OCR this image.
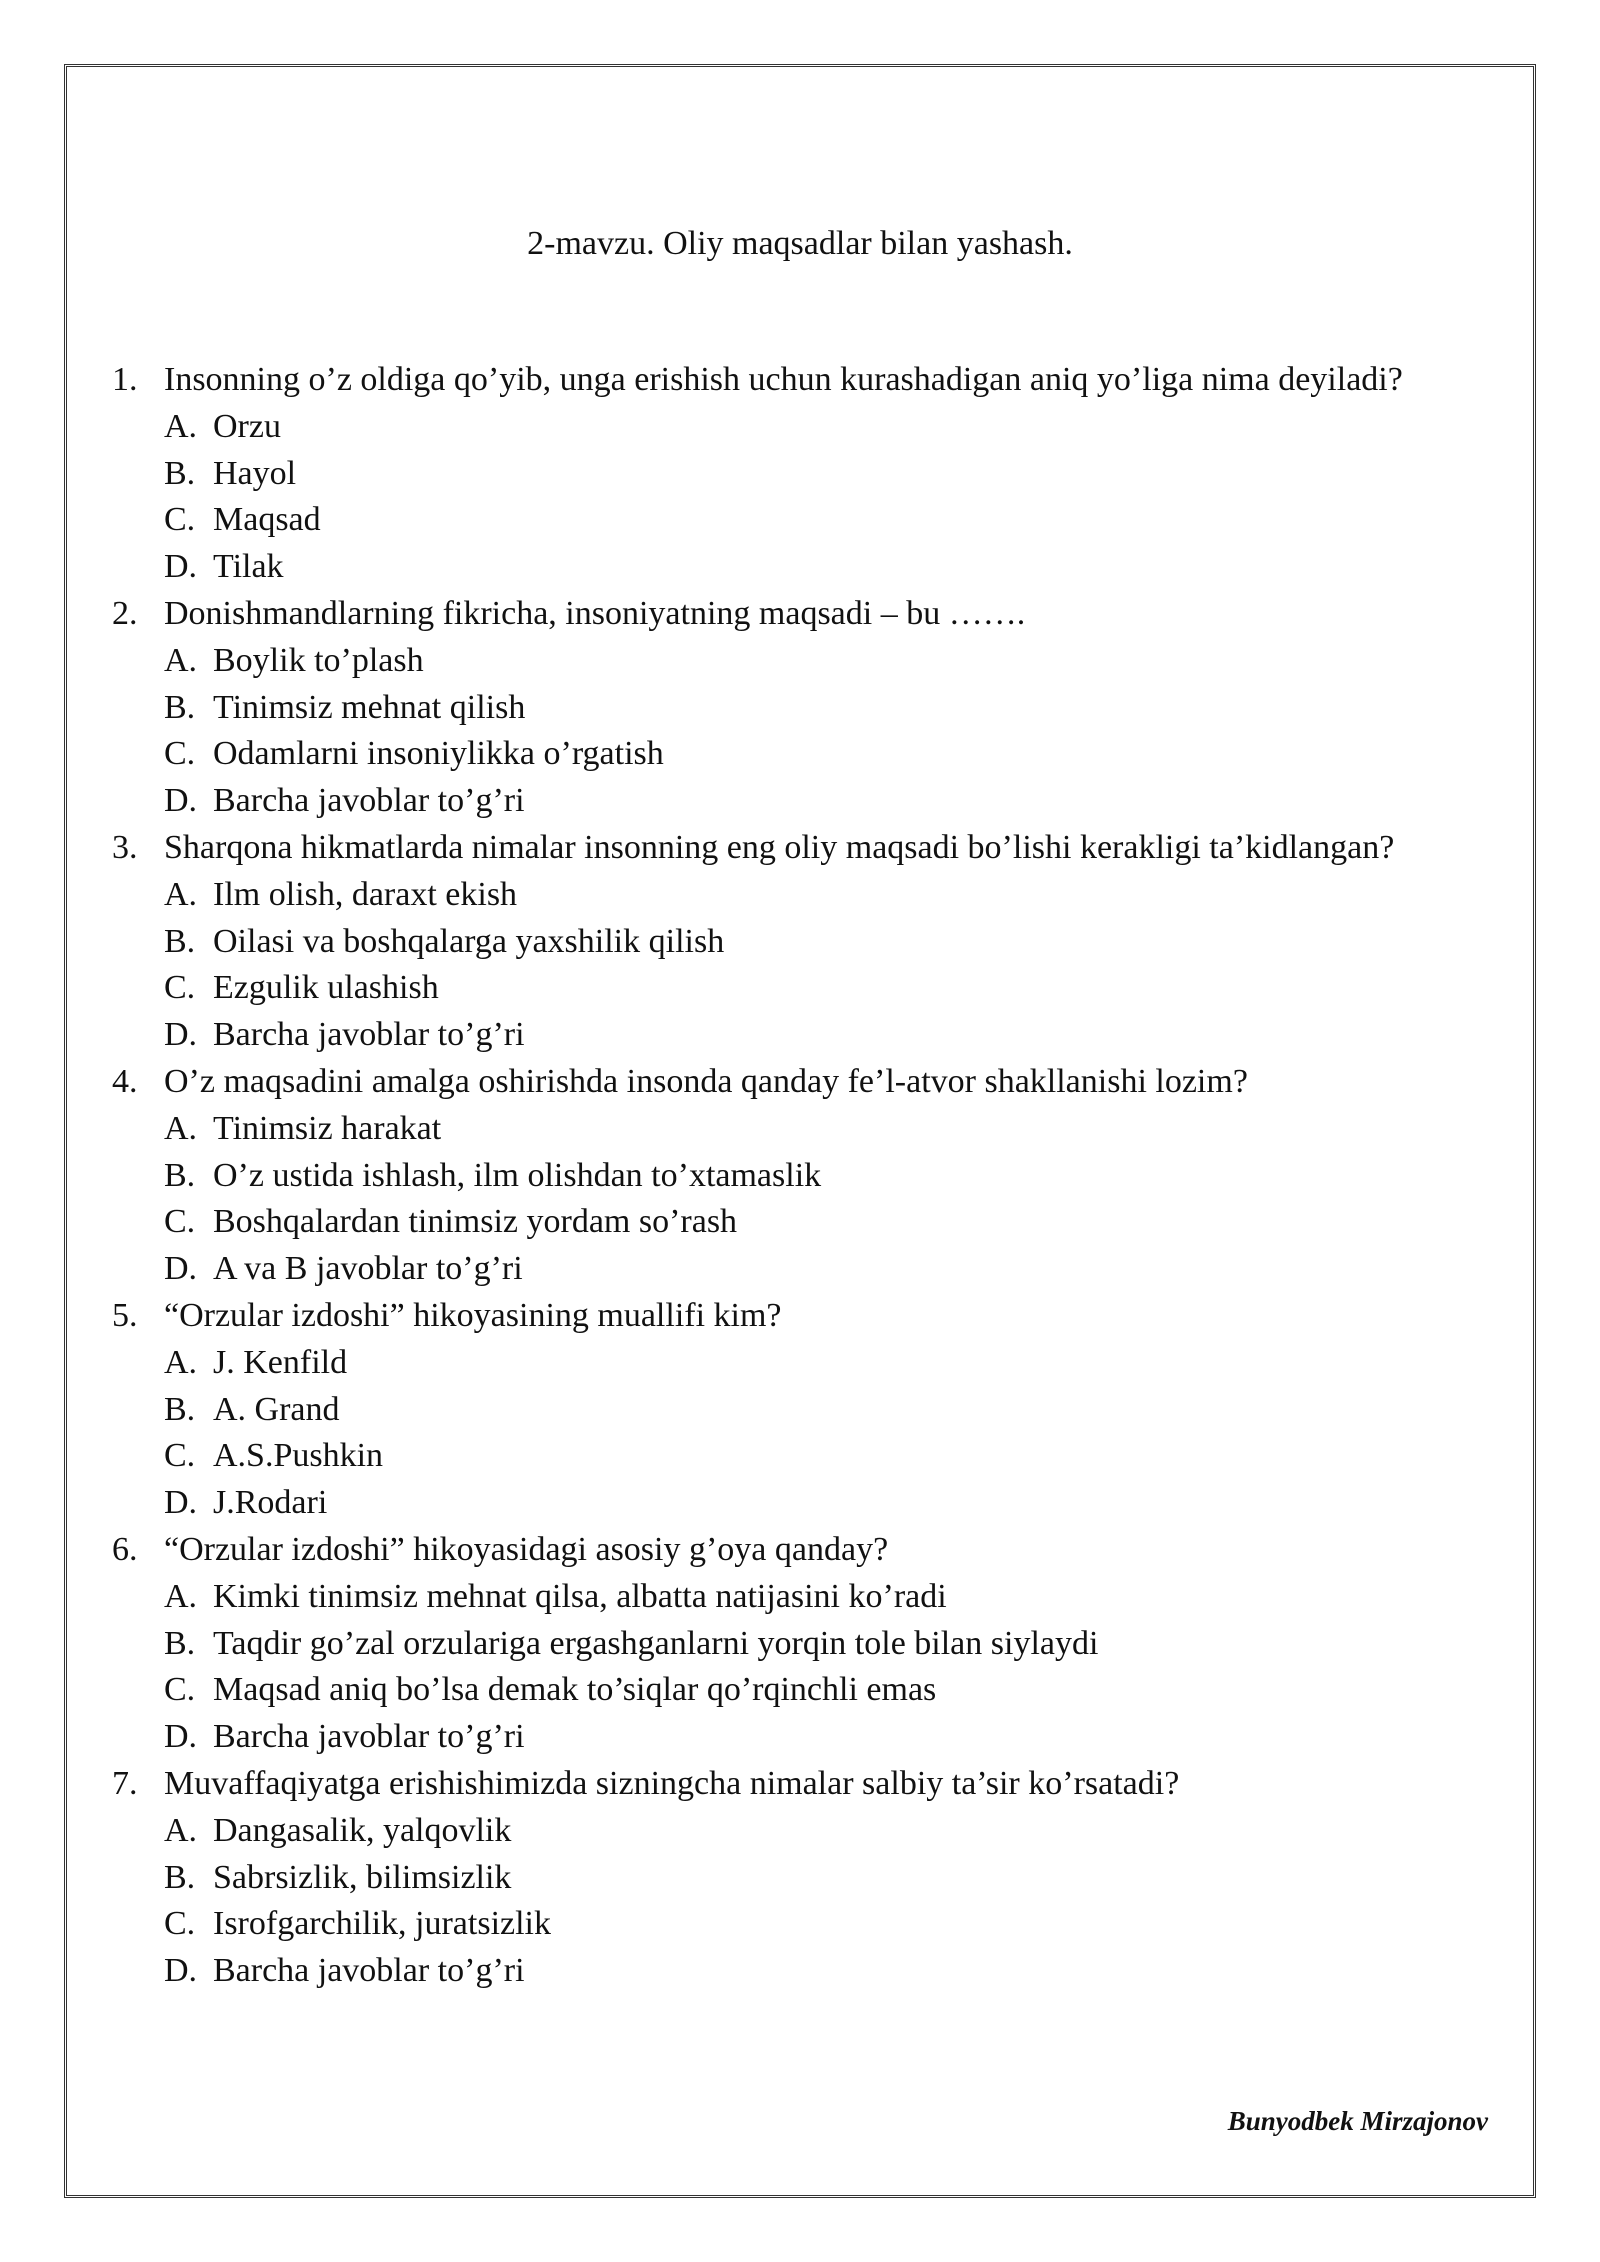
2-mavzu. Oliy maqsadlar bilan yashash.
1. Insonning o’z oldiga qo’yib, unga erishish uchun kurashadigan aniq yo’liga nima deyiladi?

A. Orzu
B. Hayol
C. Maqsad
D. Tilak
2. Donishmandlarning fikricha, insoniyatning maqsadi – bu …….

A. Boylik to’plash
B. Tinimsiz mehnat qilish
C. Odamlarni insoniylikka o’rgatish
D. Barcha javoblar to’g’ri
3. Sharqona hikmatlarda nimalar insonning eng oliy maqsadi bo’lishi kerakligi ta’kidlangan?

A. Ilm olish, daraxt ekish
B. Oilasi va boshqalarga yaxshilik qilish
C. Ezgulik ulashish
D. Barcha javoblar to’g’ri
4. O’z maqsadini amalga oshirishda insonda qanday fe’l-atvor shakllanishi lozim?

A. Tinimsiz harakat
B. O’z ustida ishlash, ilm olishdan to’xtamaslik
C. Boshqalardan tinimsiz yordam so’rash
D. A va B javoblar to’g’ri
5. “Orzular izdoshi” hikoyasining muallifi kim?

A. J. Kenfild
B. A. Grand
C. A.S.Pushkin
D. J.Rodari
6. “Orzular izdoshi” hikoyasidagi asosiy g’oya qanday?

A. Kimki tinimsiz mehnat qilsa, albatta natijasini ko’radi
B. Taqdir go’zal orzulariga ergashganlarni yorqin tole bilan siylaydi
C. Maqsad aniq bo’lsa demak to’siqlar qo’rqinchli emas
D. Barcha javoblar to’g’ri
7. Muvaffaqiyatga erishishimizda sizningcha nimalar salbiy ta’sir ko’rsatadi?

A. Dangasalik, yalqovlik
B. Sabrsizlik, bilimsizlik
C. Isrofgarchilik, juratsizlik
D. Barcha javoblar to’g’ri
Bunyodbek Mirzajonov
